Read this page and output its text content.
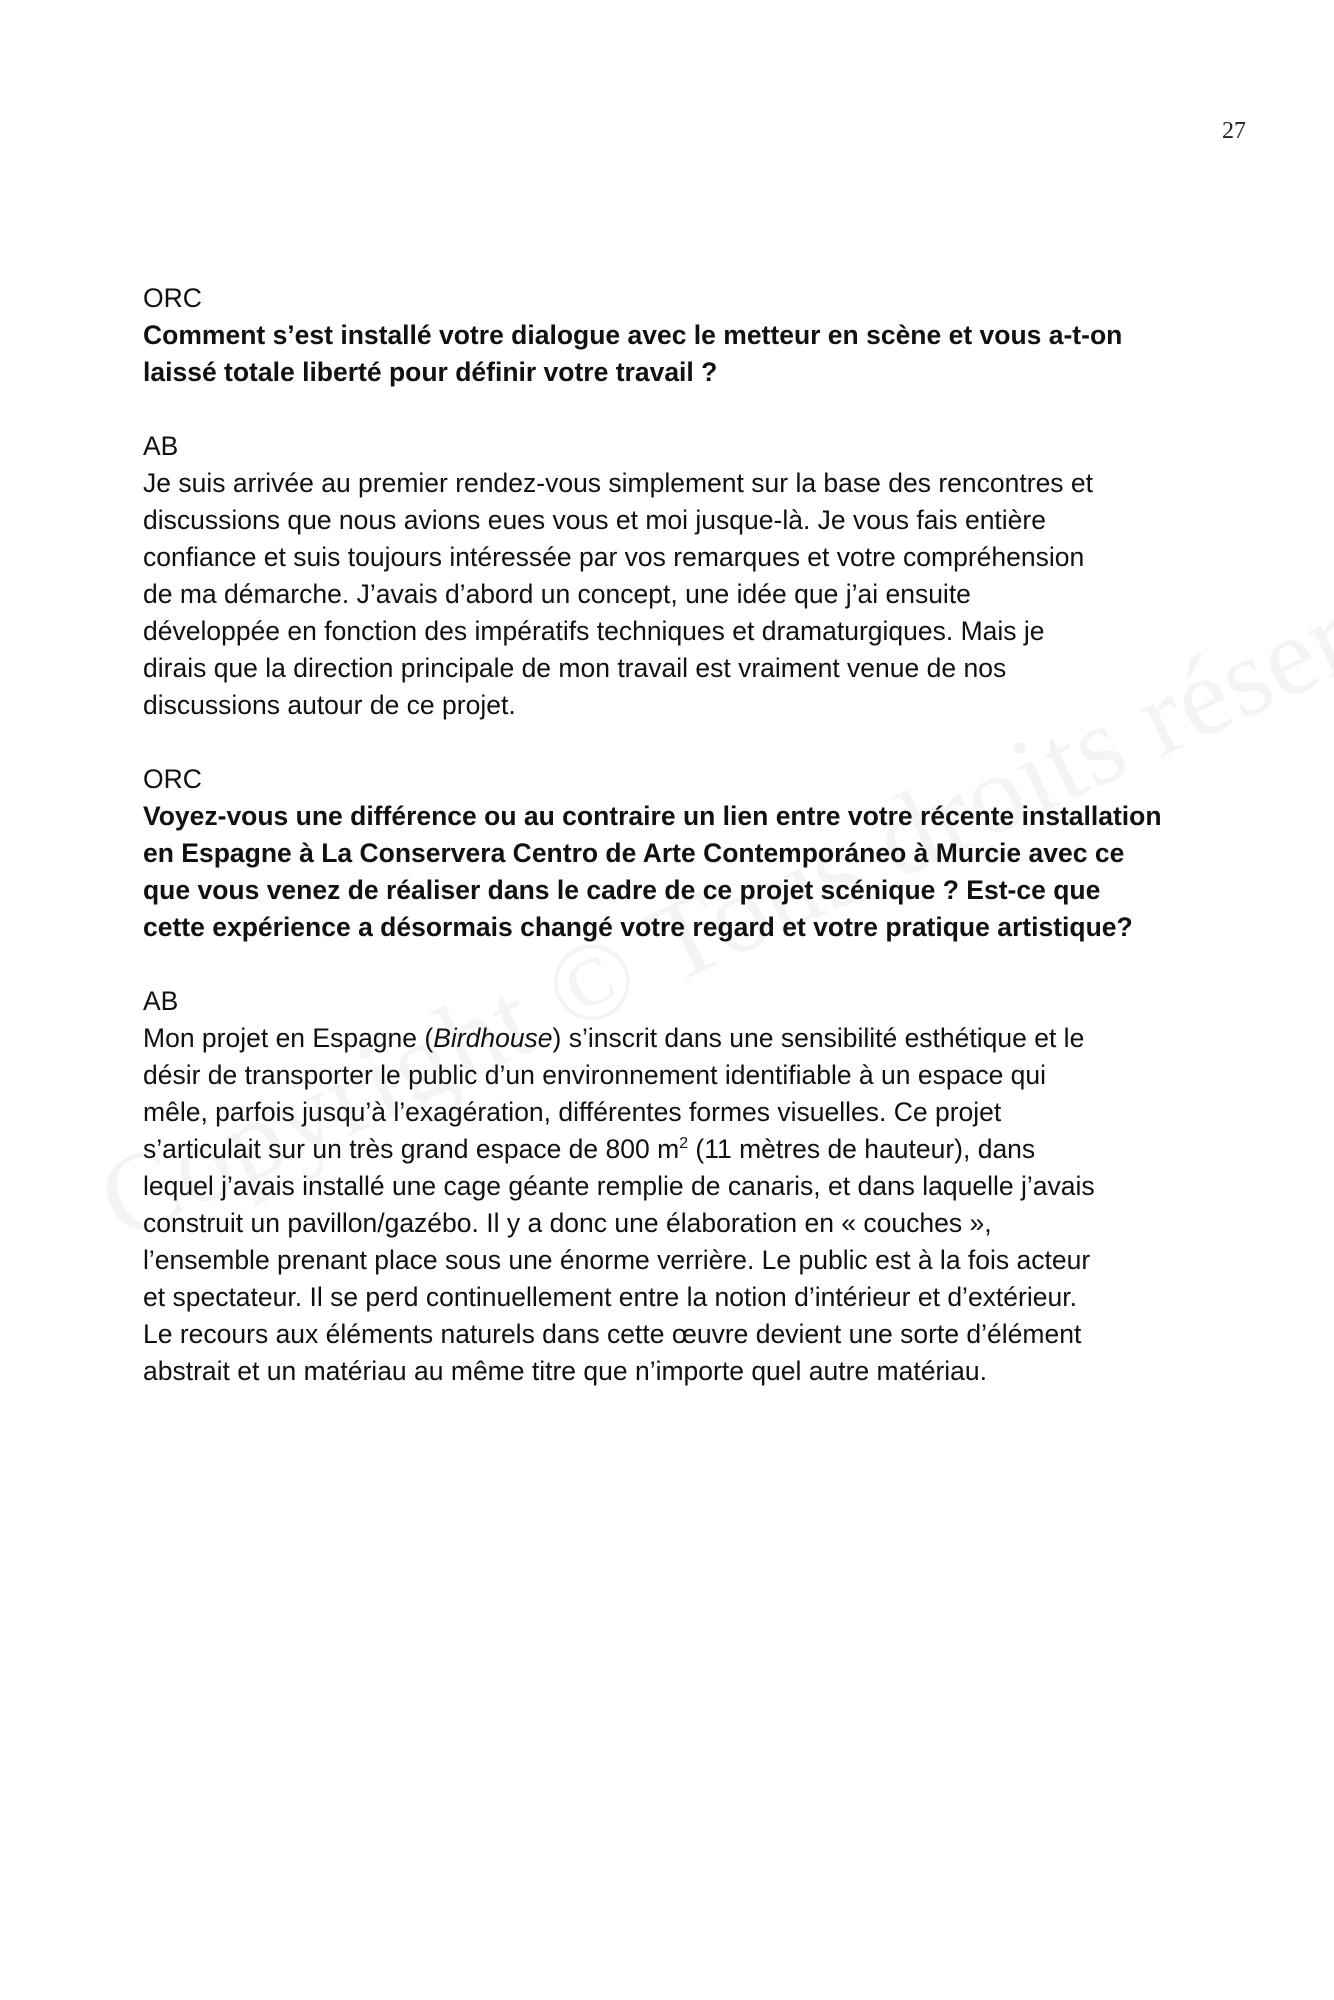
27
ORC
Comment s’est installé votre dialogue avec le metteur en scène et vous a-t-on
laissé totale liberté pour définir votre travail ?
AB
Je suis arrivée au premier rendez-vous simplement sur la base des rencontres et
discussions que nous avions eues vous et moi jusque-là. Je vous fais entière
confiance et suis toujours intéressée par vos remarques et votre compréhension
de ma démarche. J’avais d’abord un concept, une idée que j’ai ensuite
développée en fonction des impératifs techniques et dramaturgiques. Mais je
dirais que la direction principale de mon travail est vraiment venue de nos
discussions autour de ce projet.
ORC
Voyez-vous une différence ou au contraire un lien entre votre récente installation
en Espagne à La Conservera Centro de Arte Contemporáneo à Murcie avec ce
que vous venez de réaliser dans le cadre de ce projet scénique ? Est-ce que
cette expérience a désormais changé votre regard et votre pratique artistique?
AB
Mon projet en Espagne (Birdhouse) s’inscrit dans une sensibilité esthétique et le
désir de transporter le public d’un environnement identifiable à un espace qui
mêle, parfois jusqu’à l’exagération, différentes formes visuelles. Ce projet
s’articulait sur un très grand espace de 800 $m^2$ (11 mètres de hauteur), dans
lequel j’avais installé une cage géante remplie de canaris, et dans laquelle j’avais
construit un pavillon/gazébo. Il y a donc une élaboration en « couches »,
l’ensemble prenant place sous une énorme verrière. Le public est à la fois acteur
et spectateur. Il se perd continuellement entre la notion d’intérieur et d’extérieur.
Le recours aux éléments naturels dans cette œuvre devient une sorte d’élément
abstrait et un matériau au même titre que n’importe quel autre matériau.
